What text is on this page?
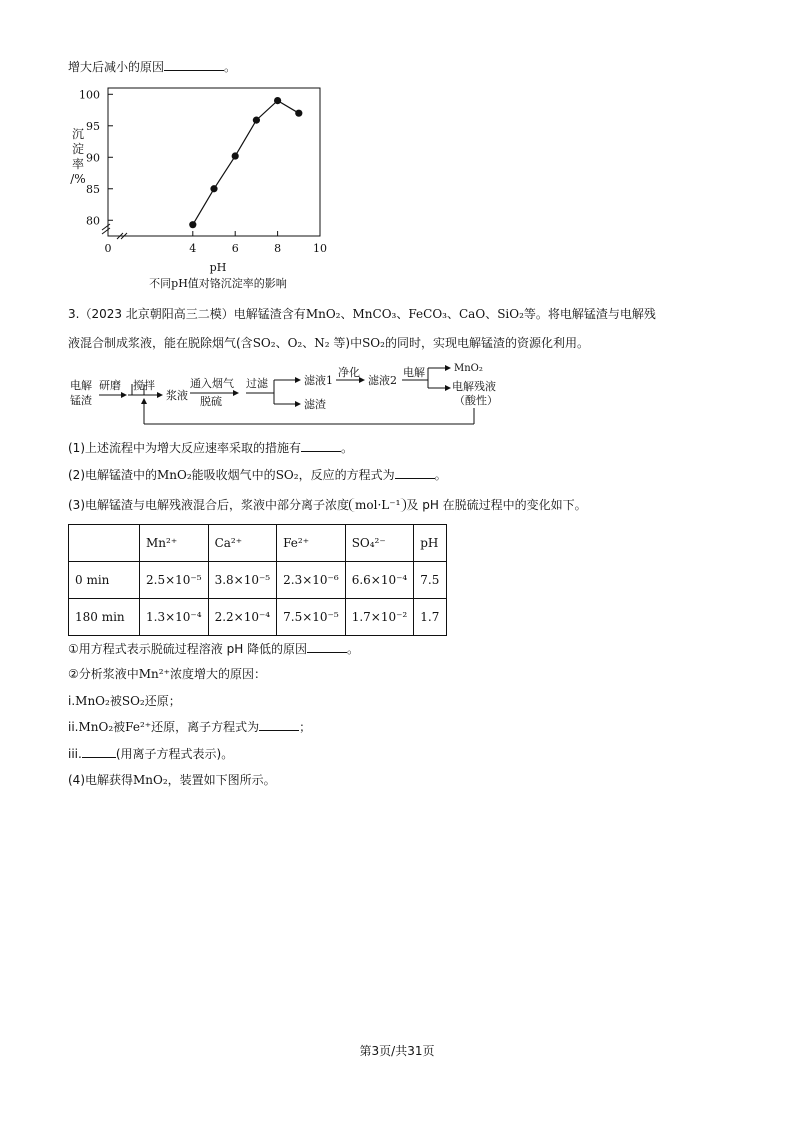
增大后减小的原因	。
80
85
90
95
100
0	4	6	8	10
沉
淀
率
/%
pH
不同pH值对铬沉淀率的影响
3.（2023 北京朝阳高三二模）电解锰渣含有MnO₂、MnCO₃、FeCO₃、CaO、SiO₂等。将电解锰渣与电解残
液混合制成浆液，能在脱除烟气(含SO₂、O₂、N₂ 等)中SO₂的同时，实现电解锰渣的资源化利用。
电解
锰渣
研磨 搅拌
浆液
通入烟气
脱硫
过滤	滤液1
滤渣
净化
滤液2
电解	MnO₂
电解残液
（酸性）
(1)上述流程中为增大反应速率采取的措施有	。
(2)电解锰渣中的MnO₂能吸收烟气中的SO₂，反应的方程式为	。
(3)电解锰渣与电解残液混合后，浆液中部分离子浓度 mol·L⁻¹ 及 pH 在脱硫过程中的变化如下。
	Mn²⁺	Ca²⁺	Fe²⁺	SO₄²⁻	pH
0 min	2.5×10⁻⁵	3.8×10⁻⁵	2.3×10⁻⁶	6.6×10⁻⁴	7.5
180 min	1.3×10⁻⁴	2.2×10⁻⁴	7.5×10⁻⁵	1.7×10⁻²	1.7
①用方程式表示脱硫过程溶液 pH 降低的原因	。
②分析浆液中Mn²⁺浓度增大的原因：
i.MnO₂被SO₂还原；
ii.MnO₂被Fe²⁺还原，离子方程式为	；
iii.	(用离子方程式表示)。
(4)电解获得MnO₂，装置如下图所示。
第3页/共31页
